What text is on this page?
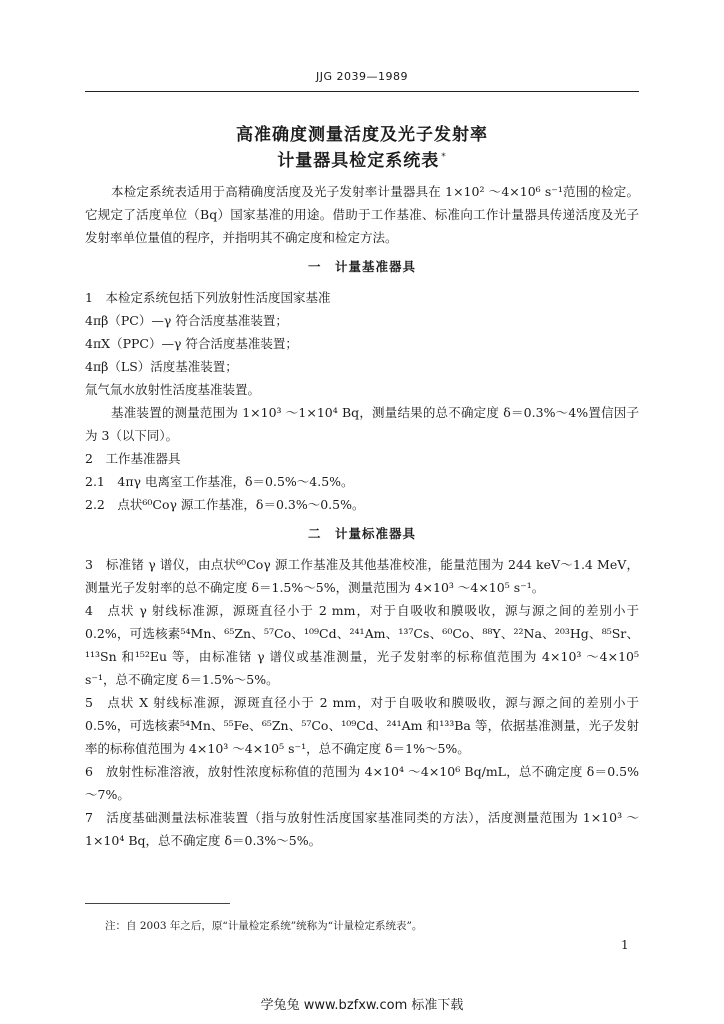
JJG 2039—1989
高准确度测量活度及光子发射率
计量器具检定系统表 *

本检定系统表适用于高精确度活度及光子发射率计量器具在 1×10² ～4×10⁶ s⁻¹范围的检定。它规定了活度单位（Bq）国家基准的用途。借助于工作基准、标准向工作计量器具传递活度及光子发射率单位量值的程序，并指明其不确定度和检定方法。

一　计量基准器具

1　本检定系统包括下列放射性活度国家基准

4πβ（PC）—γ 符合活度基准装置；

4πX（PPC）—γ 符合活度基准装置；

4πβ（LS）活度基准装置；

氚气氚水放射性活度基准装置。

基准装置的测量范围为 1×10³ ～1×10⁴ Bq，测量结果的总不确定度 δ＝0.3%～4%置信因子为 3（以下同）。

2　工作基准器具

2.1　4πγ 电离室工作基准，δ＝0.5%～4.5%。

2.2　点状⁶⁰Coγ 源工作基准，δ＝0.3%～0.5%。

二　计量标准器具

3　标准锗 γ 谱仪，由点状⁶⁰Coγ 源工作基准及其他基准校准，能量范围为 244 keV～1.4 MeV，测量光子发射率的总不确定度 δ＝1.5%～5%，测量范围为 4×10³ ～4×10⁵ s⁻¹。

4　点状 γ 射线标准源，源斑直径小于 2 mm，对于自吸收和膜吸收，源与源之间的差别小于 0.2%，可选核素⁵⁴Mn、⁶⁵Zn、⁵⁷Co、¹⁰⁹Cd、²⁴¹Am、¹³⁷Cs、⁶⁰Co、⁸⁸Y、²²Na、²⁰³Hg、⁸⁵Sr、¹¹³Sn 和¹⁵²Eu 等，由标准锗 γ 谱仪或基准测量，光子发射率的标称值范围为 4×10³ ～4×10⁵ s⁻¹，总不确定度 δ＝1.5%～5%。

5　点状 X 射线标准源，源斑直径小于 2 mm，对于自吸收和膜吸收，源与源之间的差别小于 0.5%，可选核素⁵⁴Mn、⁵⁵Fe、⁶⁵Zn、⁵⁷Co、¹⁰⁹Cd、²⁴¹Am 和¹³³Ba 等，依据基准测量，光子发射率的标称值范围为 4×10³ ～4×10⁵ s⁻¹，总不确定度 δ＝1%～5%。

6　放射性标准溶液，放射性浓度标称值的范围为 4×10⁴ ～4×10⁶ Bq/mL，总不确定度 δ＝0.5%～7%。

7　活度基础测量法标准装置（指与放射性活度国家基准同类的方法），活度测量范围为 1×10³ ～1×10⁴ Bq，总不确定度 δ＝0.3%～5%。

注：自 2003 年之后，原“计量检定系统”统称为“计量检定系统表”。
1
学兔兔 www.bzfxw.com 标准下载
